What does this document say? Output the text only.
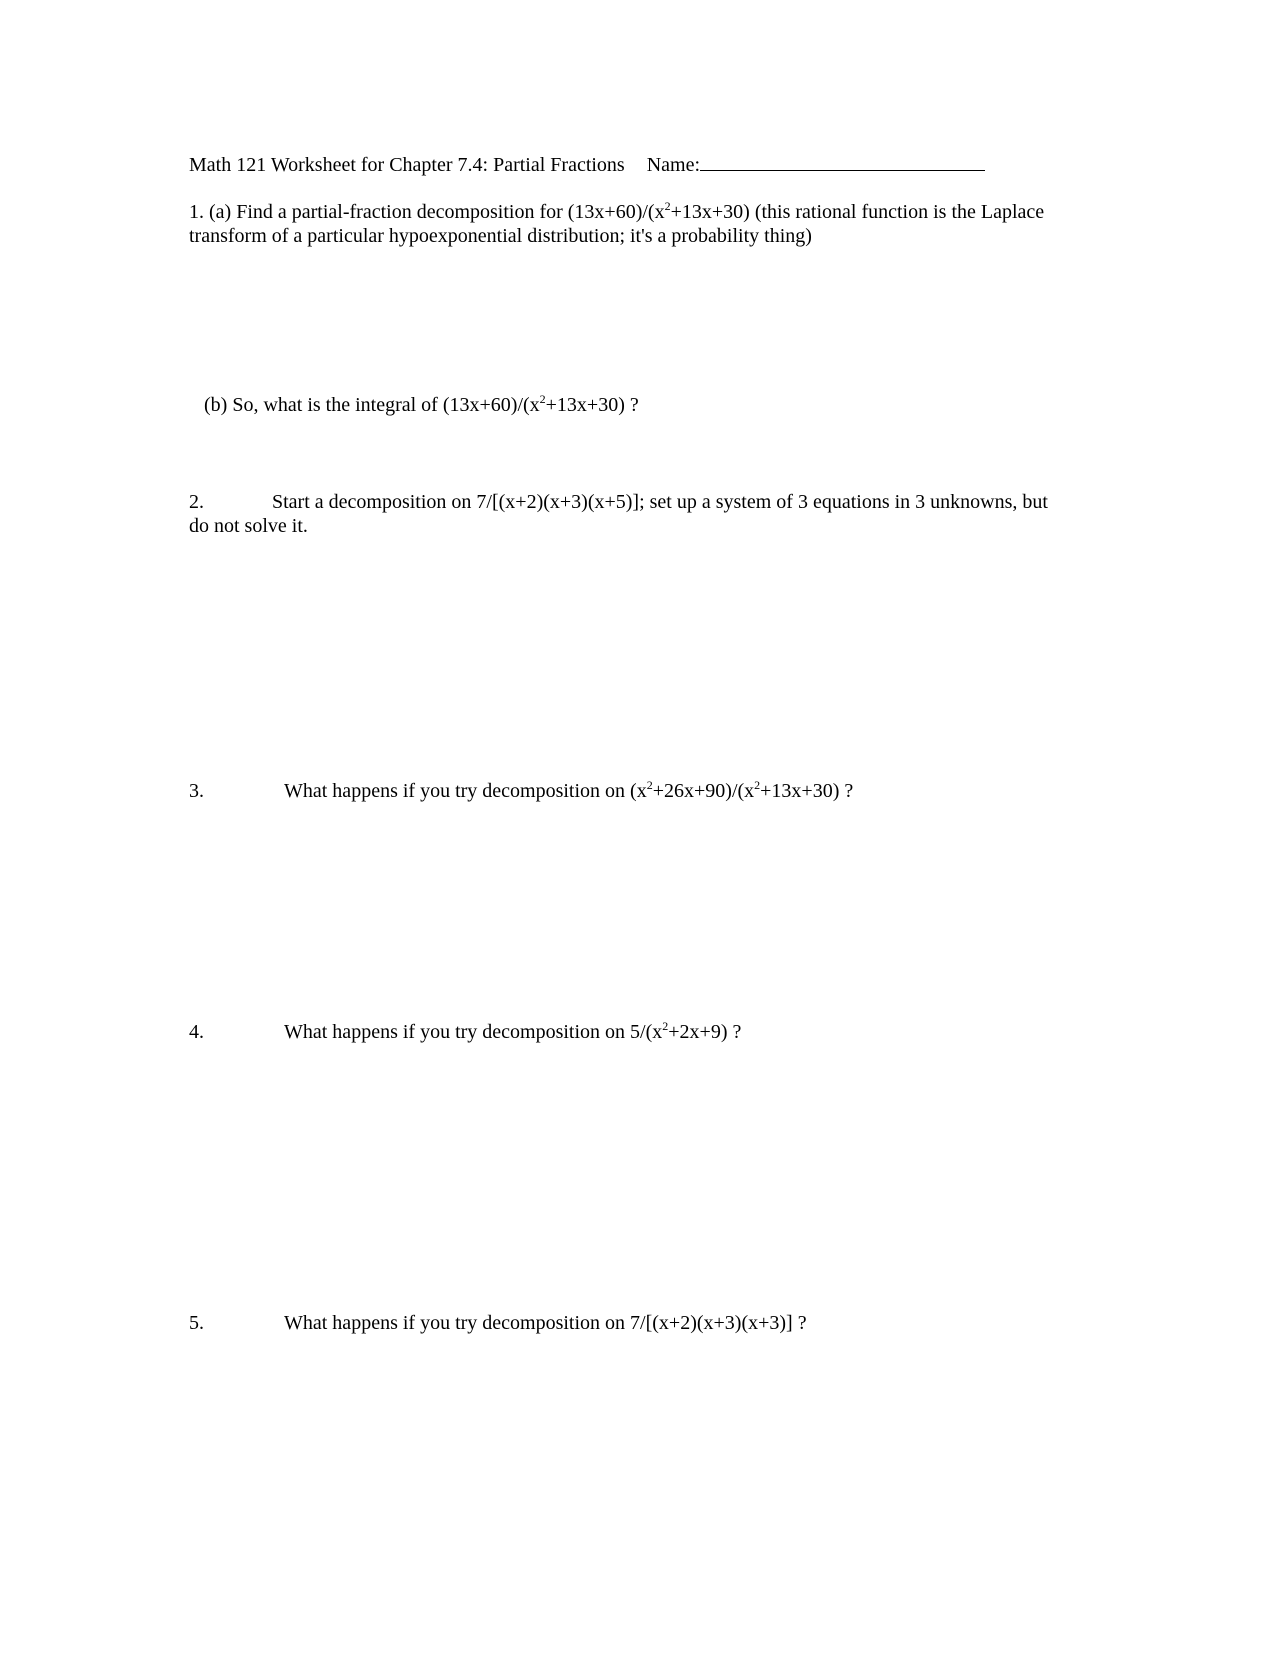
Math 121 Worksheet for Chapter 7.4: Partial Fractions Name:
1. (a) Find a partial-fraction decomposition for $(13x+60)/(x^2+13x+30)$ (this rational function is the Laplace
transform of a particular hypoexponential distribution; it's a probability thing)
(b) So, what is the integral of $(13x+60)/(x^2+13x+30)$ ?
2.	Start a decomposition on 7/[(x+2)(x+3)(x+5)]; set up a system of 3 equations in 3 unknowns, but
do not solve it.
3.	What happens if you try decomposition on $(x^2+26x+90)/(x^2+13x+30)$ ?
4.	What happens if you try decomposition on $5/(x^2+2x+9)$ ?
5.	What happens if you try decomposition on 7/[(x+2)(x+3)(x+3)] ?
